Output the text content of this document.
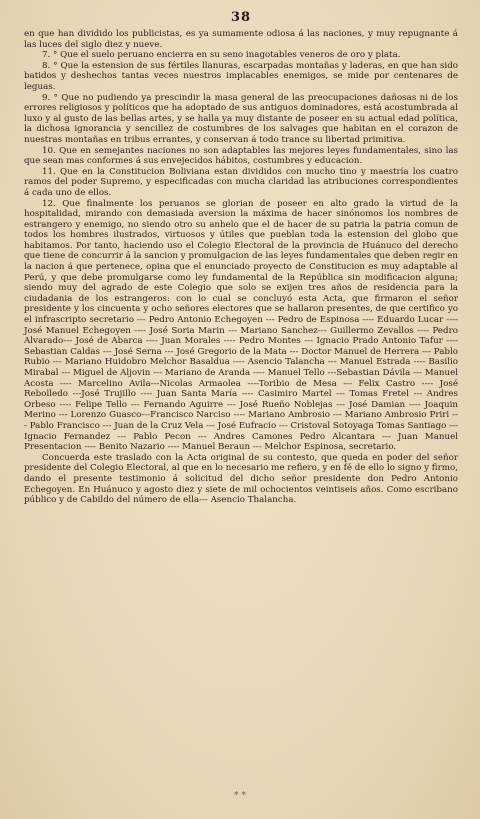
38

en que han dividido los publicistas, es ya sumamente odiosa á las naciones, y muy repugnante á las luces del siglo diez y nueve.

7. ° Que el suelo peruano encierra en su seno inagotables veneros de oro y plata.

8. ° Que la estension de sus fértiles llanuras, escarpadas montañas y laderas, en que han sido batidos y deshechos tantas veces nuestros implacables enemigos, se mide por centenares de leguas.

9. ° Que no pudiendo ya prescindir la masa general de las preocupaciones dañosas ni de los errores religiosos y políticos que ha adoptado de sus antiguos dominadores, está acostumbrada al luxo y al gusto de las bellas artes, y se halla ya muy distante de poseer en su actual edad política, la dichosa ignorancia y sencillez de costumbres de los salvages que habitan en el corazon de nuestras montañas en tribus errantes, y conservan á todo trance su libertad primitiva.

10. Que en semejantes naciones no son adaptables las mejores leyes fundamentales, sino las que sean mas conformes á sus envejecidos hábitos, costumbres y educacion.

11. Que en la Constitucion Boliviana estan divididos con mucho tino y maestría los cuatro ramos del poder Supremo, y especificadas con mucha claridad las atribuciones correspondientes á cada uno de ellos.

12. Que finalmente los peruanos se glorian de poseer en alto grado la virtud de la hospitalidad, mirando con demasiada aversion la máxima de hacer sinónomos los nombres de estrangero y enemigo, no siendo otro su anhelo que el de hacer de su patria la patria comun de todos los hombres ilustrados, virtuosos y útiles que pueblan toda la estension del globo que habitamos. Por tanto, haciendo uso el Colegio Electoral de la provincia de Huánuco del derecho que tiene de concurrir á la sancion y promulgacion de las leyes fundamentales que deben regir en la nacion á que pertenece, opina que el enunciado proyecto de Constitucion es muy adaptable al Perú, y que debe promulgarse como ley fundamental de la República sin modificacion alguna; siendo muy del agrado de este Colegio que solo se exijen tres años de residencia para la ciudadania de los estrangeros: con lo cual se concluyó esta Acta, que firmaron el señor presidente y los cincuenta y ocho señores electores que se hallaron presentes, de que certifico yo el infrascripto secretario --- Pedro Antonio Echegoyen --- Pedro de Espinosa ---- Eduardo Lucar ---- José Manuel Echegoyen ---- José Soria Marin --- Mariano Sanchez--- Guillermo Zevallos ---- Pedro Alvarado--- José de Abarca ---- Juan Morales ---- Pedro Montes --- Ignacio Prado Antonio Tafur ---- Sebastian Caldas --- José Serna --- José Gregorio de la Mata --- Doctor Manuel de Herrera --- Pablo Rubio --- Mariano Huidobro Melchor Basaldua ---- Asencio Talancha --- Manuel Estrada ---- Basilio Mirabal --- Miguel de Aljovin --- Mariano de Aranda ---- Manuel Tello ---Sebastian Dávila --- Manuel Acosta ---- Marcelino Avila---Nicolas Armaolea ----Toribio de Mesa --- Felix Castro ---- José Rebolledo ---José Trujillo ---- Juan Santa María ---- Casimiro Martel --- Tomas Fretel --- Andres Orbeso ---- Felipe Tello --- Fernando Aguirre --- José Rueño Noblejas --- José Damian ---- Joaquin Merino --- Lorenzo Guasco---Francisco Narciso ---- Mariano Ambrosio --- Mariano Ambrosio Priri --- Pablo Francisco --- Juan de la Cruz Vela --- José Eufracio --- Cristoval Sotoyaga Tomas Santiago --- Ignacio Fernandez --- Pablo Pecon --- Andres Camones Pedro Alcantara --- Juan Manuel Presentacion ---- Benito Nazario ---- Manuel Beraun --- Melchor Espinosa, secretario.

Concuerda este traslado con la Acta original de su contesto, que queda en poder del señor presidente del Colegio Electoral, al que en lo necesario me refiero, y en fé de ello lo signo y firmo, dando el presente testimonio á solicitud del dicho señor presidente don Pedro Antonio Echegoyen. En Huánuco y agosto diez y siete de mil ochocientos veintiseis años. Como escribano público y de Cabildo del número de ella--- Asencio Thalancha.

* *
